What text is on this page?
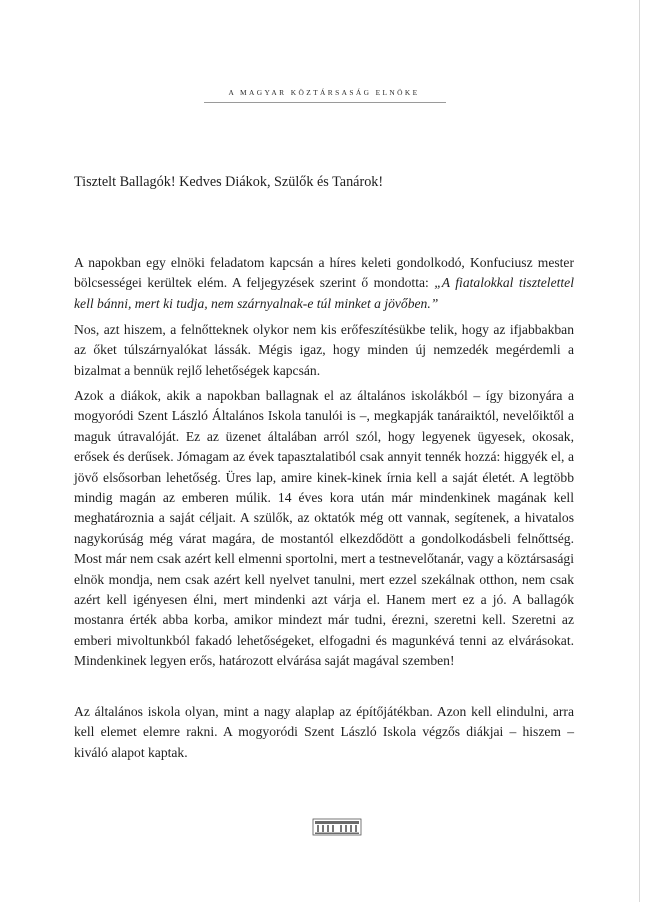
A MAGYAR KÖZTÁRSASÁG ELNÖKE

Tisztelt Ballagók! Kedves Diákok, Szülők és Tanárok!

A napokban egy elnöki feladatom kapcsán a híres keleti gondolkodó, Konfuciusz mester bölcsességei kerültek elém. A feljegyzések szerint ő mondotta: „A fiatalokkal tisztelettel kell bánni, mert ki tudja, nem szárnyalnak-e túl minket a jövőben.”

Nos, azt hiszem, a felnőtteknek olykor nem kis erőfeszítésükbe telik, hogy az ifjabbakban az őket túlszárnyalókat lássák. Mégis igaz, hogy minden új nemzedék megérdemli a bizalmat a bennük rejlő lehetőségek kapcsán.

Azok a diákok, akik a napokban ballagnak el az általános iskolákból – így bizonyára a mogyoródi Szent László Általános Iskola tanulói is –, megkapják tanáraiktól, nevelőiktől a maguk útravalóját. Ez az üzenet általában arról szól, hogy legyenek ügyesek, okosak, erősek és derűsek. Jómagam az évek tapasztalatiból csak annyit tennék hozzá: higgyék el, a jövő elsősorban lehetőség. Üres lap, amire kinek-kinek írnia kell a saját életét. A legtöbb mindig magán az emberen múlik. 14 éves kora után már mindenkinek magának kell meghatároznia a saját céljait. A szülők, az oktatók még ott vannak, segítenek, a hivatalos nagykorúság még várat magára, de mostantól elkezdődött a gondolkodásbeli felnőttség. Most már nem csak azért kell elmenni sportolni, mert a testnevelőtanár, vagy a köztársasági elnök mondja, nem csak azért kell nyelvet tanulni, mert ezzel szekálnak otthon, nem csak azért kell igényesen élni, mert mindenki azt várja el. Hanem mert ez a jó. A ballagók mostanra érték abba korba, amikor mindezt már tudni, érezni, szeretni kell. Szeretni az emberi mivoltunkból fakadó lehetőségeket, elfogadni és magunkévá tenni az elvárásokat. Mindenkinek legyen erős, határozott elvárása saját magával szemben!

Az általános iskola olyan, mint a nagy alaplap az építőjátékban. Azon kell elindulni, arra kell elemet elemre rakni. A mogyoródi Szent László Iskola végzős diákjai – hiszem – kiváló alapot kaptak.
